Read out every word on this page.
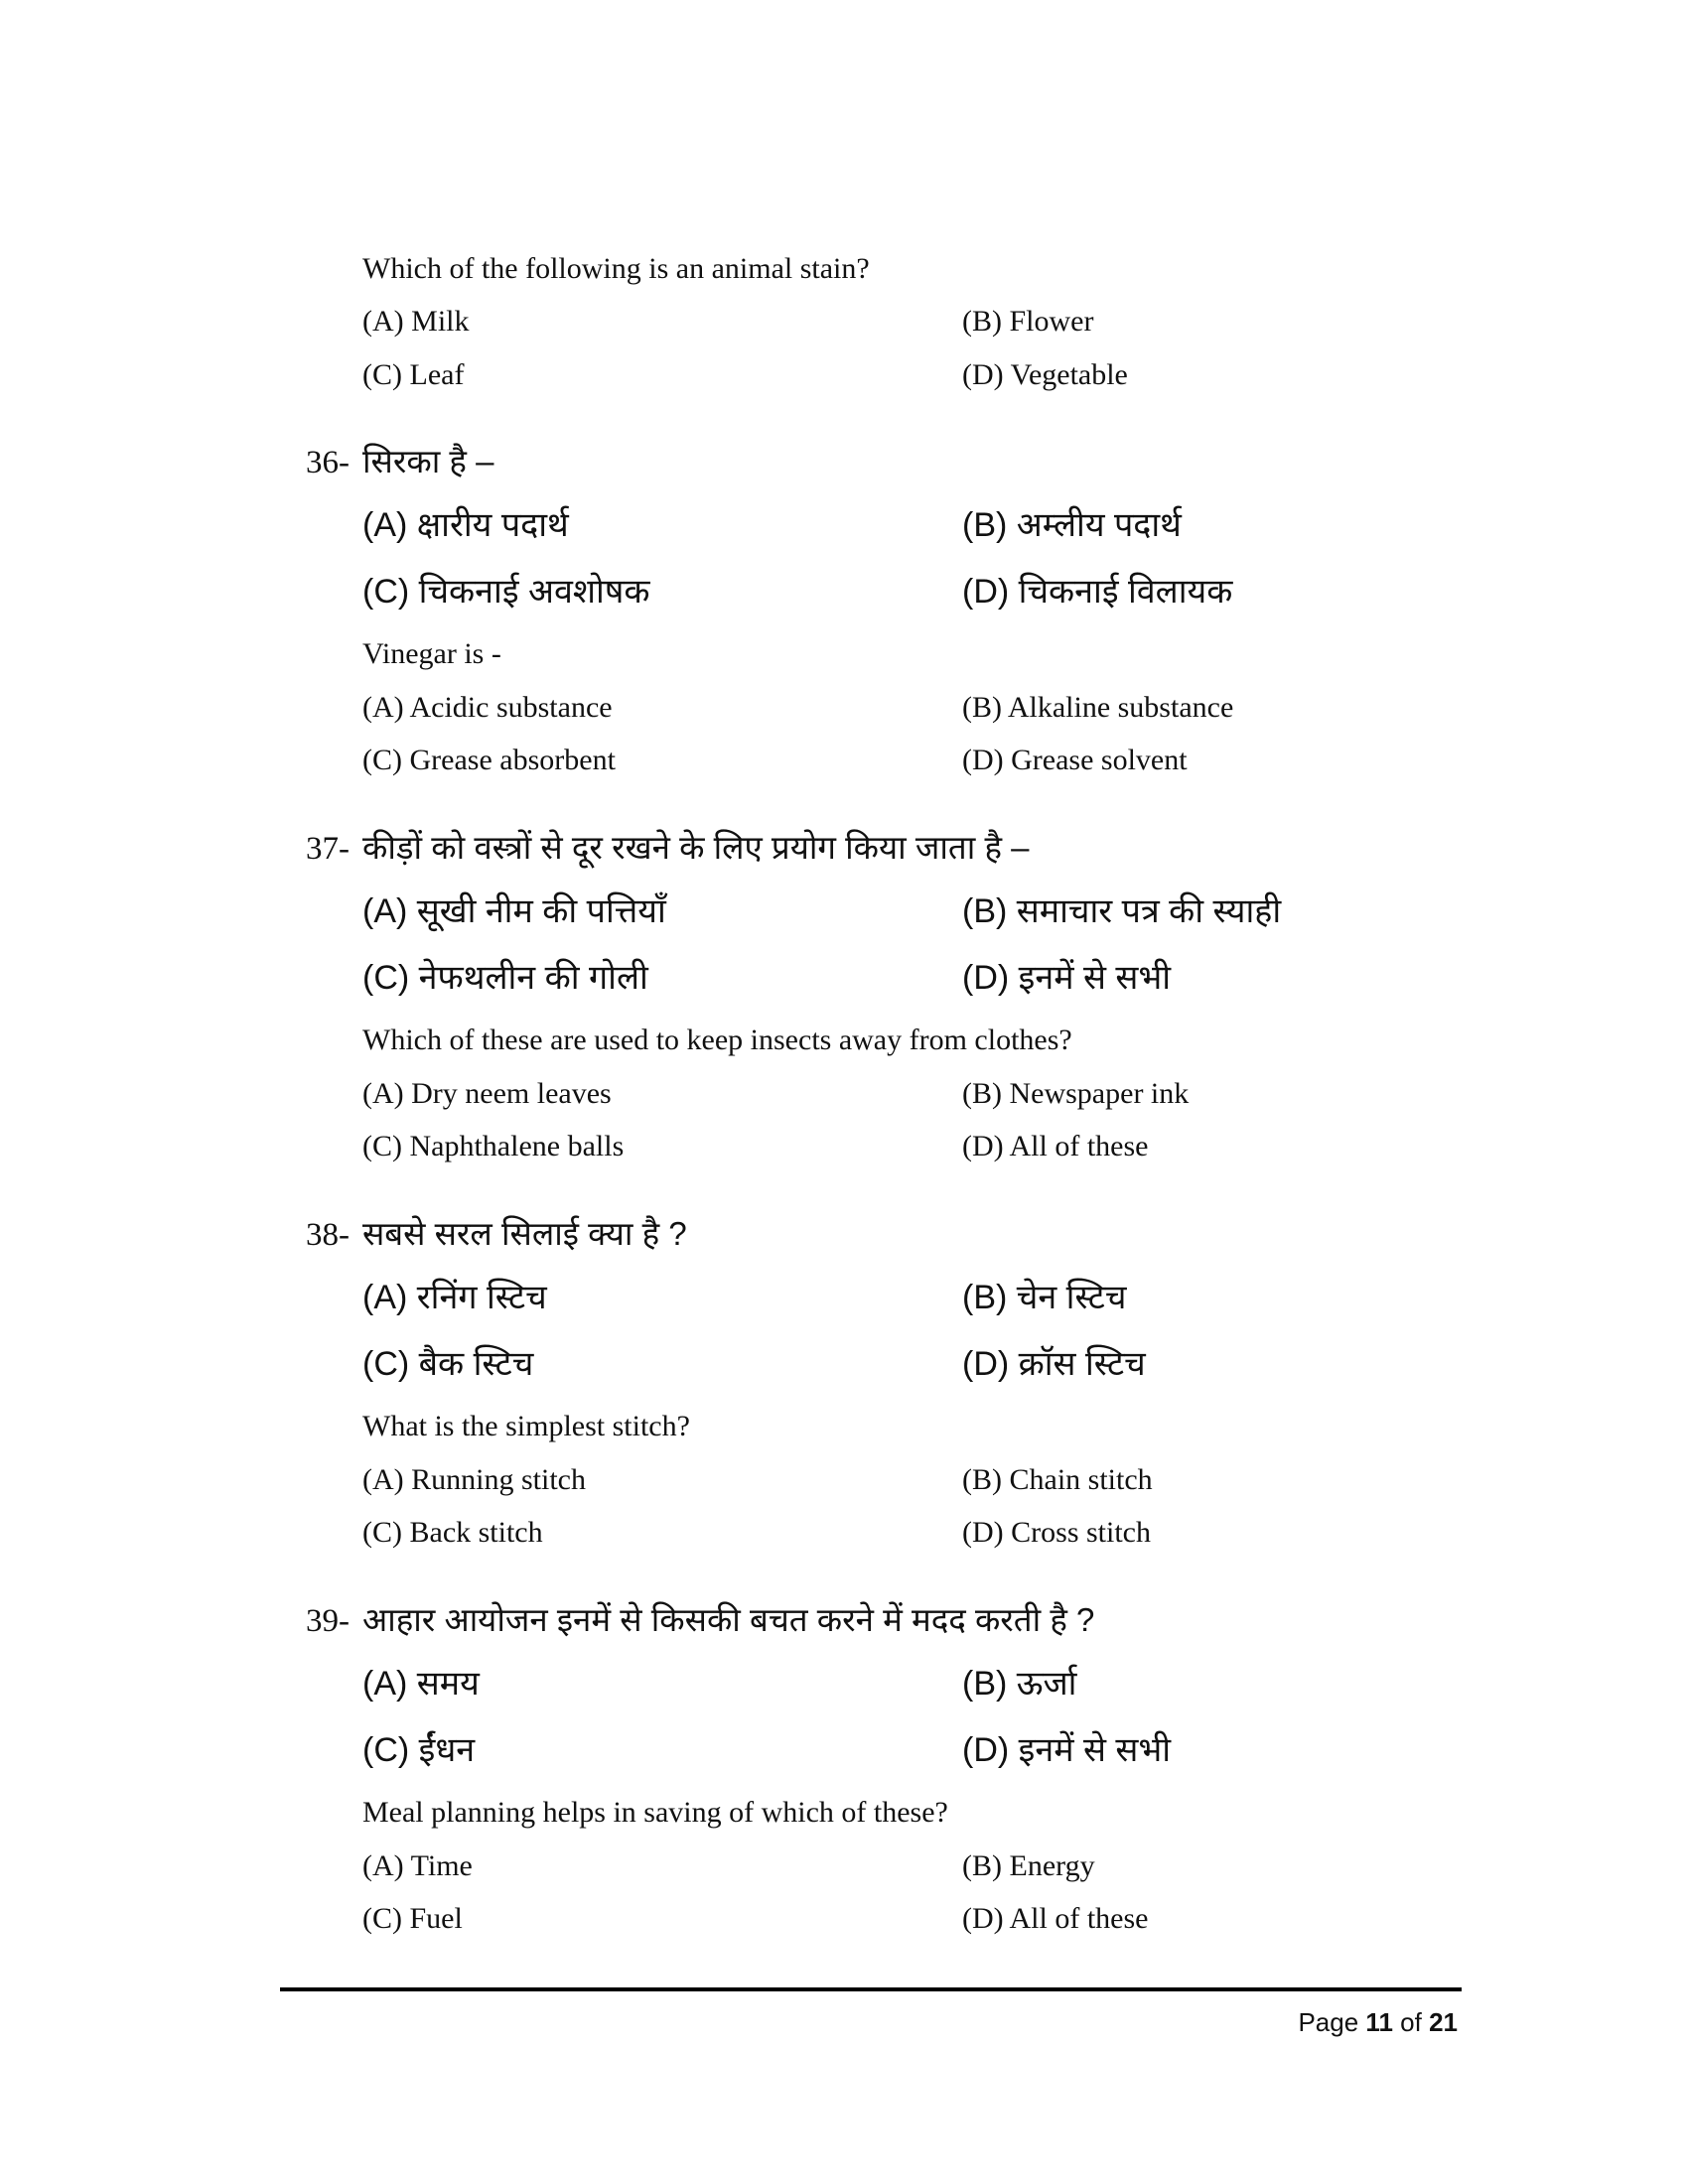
Which of the following is an animal stain?
(A) Milk	(B) Flower
(C) Leaf	(D) Vegetable
36- सिरका है –
(A) क्षारीय पदार्थ	(B) अम्लीय पदार्थ
(C) चिकनाई अवशोषक	(D) चिकनाई विलायक
Vinegar is -
(A) Acidic substance	(B) Alkaline substance
(C) Grease absorbent	(D) Grease solvent
37- कीड़ों को वस्त्रों से दूर रखने के लिए प्रयोग किया जाता है –
(A) सूखी नीम की पत्तियाँ	(B) समाचार पत्र की स्याही
(C) नेफथलीन की गोली	(D) इनमें से सभी
Which of these are used to keep insects away from clothes?
(A) Dry neem leaves	(B) Newspaper ink
(C) Naphthalene balls	(D) All of these
38- सबसे सरल सिलाई क्या है ?
(A) रनिंग स्टिच	(B) चेन स्टिच
(C) बैक स्टिच	(D) क्रॉस स्टिच
What is the simplest stitch?
(A) Running stitch	(B) Chain stitch
(C) Back stitch	(D) Cross stitch
39- आहार आयोजन इनमें से किसकी बचत करने में मदद करती है ?
(A) समय	(B) ऊर्जा
(C) ईंधन	(D) इनमें से सभी
Meal planning helps in saving of which of these?
(A) Time	(B) Energy
(C) Fuel	(D) All of these
Page 11 of 21
